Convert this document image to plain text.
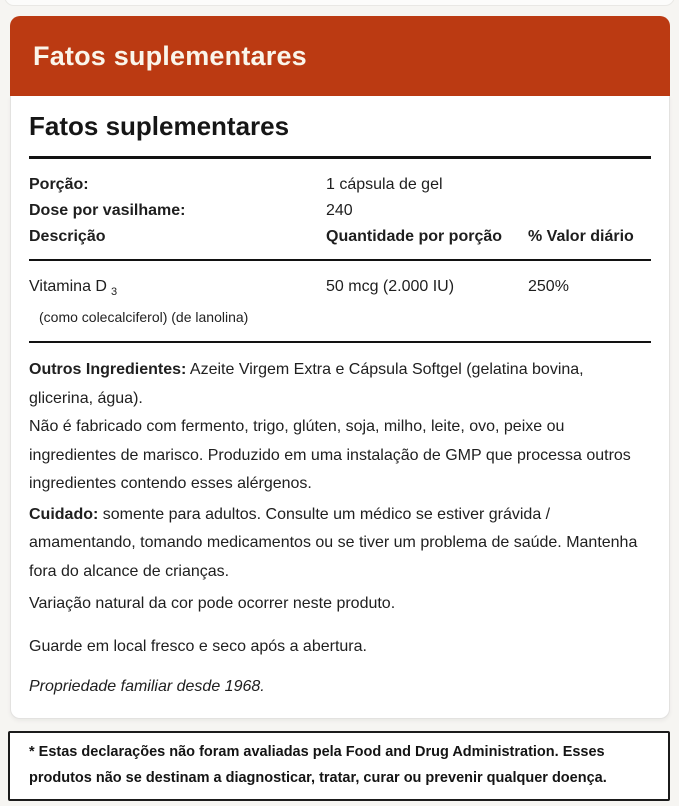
Fatos suplementares
Fatos suplementares
Porção:	1 cápsula de gel
Dose por vasilhame:	240
Descrição	Quantidade por porção	% Valor diário
Vitamina D $_3$	50 mcg (2.000 IU)	250%
(como colecalciferol) (de lanolina)

Outros Ingredientes: Azeite Virgem Extra e Cápsula Softgel (gelatina bovina, glicerina, água).

Não é fabricado com fermento, trigo, glúten, soja, milho, leite, ovo, peixe ou ingredientes de marisco. Produzido em uma instalação de GMP que processa outros ingredientes contendo esses alérgenos.

Cuidado: somente para adultos. Consulte um médico se estiver grávida / amamentando, tomando medicamentos ou se tiver um problema de saúde. Mantenha fora do alcance de crianças.

Variação natural da cor pode ocorrer neste produto.

Guarde em local fresco e seco após a abertura.

Propriedade familiar desde 1968.

* Estas declarações não foram avaliadas pela Food and Drug Administration. Esses produtos não se destinam a diagnosticar, tratar, curar ou prevenir qualquer doença.
